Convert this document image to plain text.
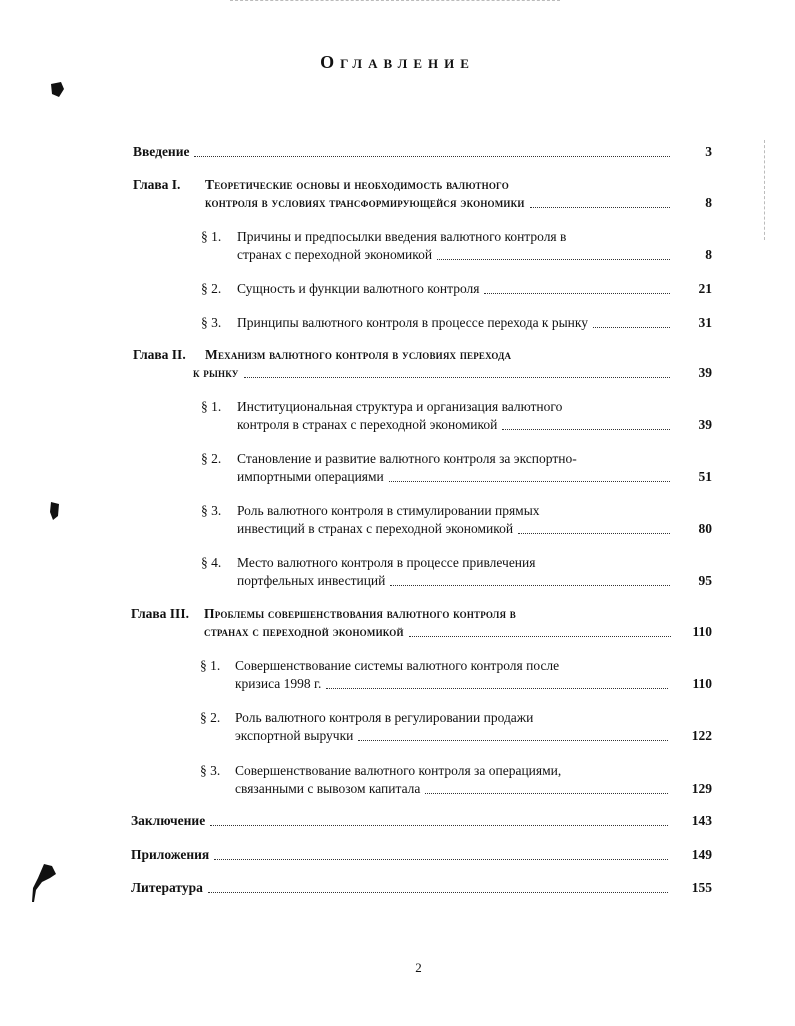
Оглавление
Введение	3
Глава I. Теоретические основы и необходимость валютного
контроля в условиях трансформирующейся экономики	8
§ 1. Причины и предпосылки введения валютного контроля в
странах с переходной экономикой	8
§ 2. Сущность и функции валютного контроля	21
§ 3. Принципы валютного контроля в процессе перехода к рынку	31
Глава II. Механизм валютного контроля в условиях перехода
к рынку	39
§ 1. Институциональная структура и организация валютного
контроля в странах с переходной экономикой	39
§ 2. Становление и развитие валютного контроля за экспортно-
импортными операциями	51
§ 3. Роль валютного контроля в стимулировании прямых
инвестиций в странах с переходной экономикой	80
§ 4. Место валютного контроля в процессе привлечения
портфельных инвестиций	95
Глава III. Проблемы совершенствования валютного контроля в
странах с переходной экономикой	110
§ 1. Совершенствование системы валютного контроля после
кризиса 1998 г.	110
§ 2. Роль валютного контроля в регулировании продажи
экспортной выручки	122
§ 3. Совершенствование валютного контроля за операциями,
связанными с вывозом капитала	129
Заключение	143
Приложения	149
Литература	155
2
